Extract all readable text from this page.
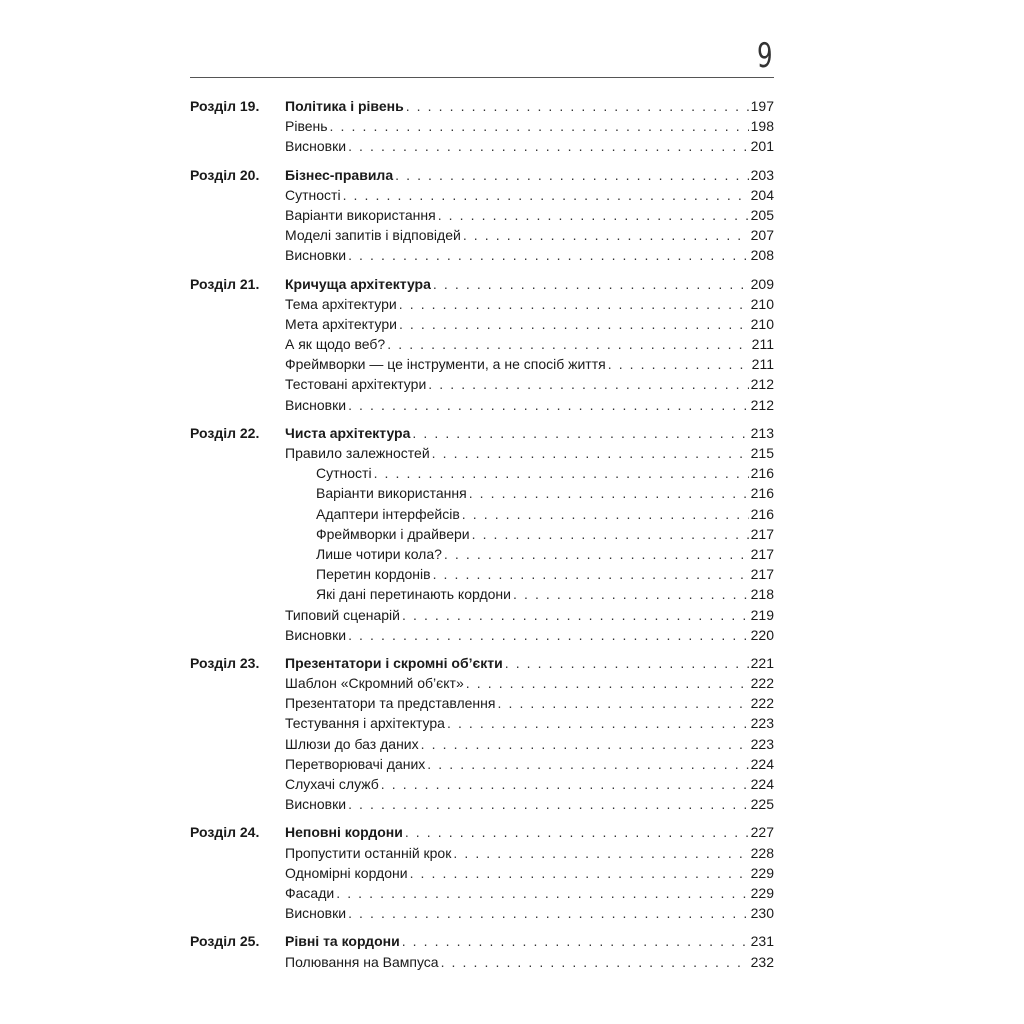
9
Розділ 19. Політика і рівень . . .	197
Рівень . . .	198
Висновки . . .	201
Розділ 20. Бізнес-правила . . .	203
Сутності . . .	204
Варіанти використання . . .	205
Моделі запитів і відповідей . . .	207
Висновки . . .	208
Розділ 21. Кричуща архітектура . . .	209
Тема архітектури . . .	210
Мета архітектури . . .	210
А як щодо веб? . . .	211
Фреймворки — це інструменти, а не спосіб життя . . .	211
Тестовані архітектури . . .	212
Висновки . . .	212
Розділ 22. Чиста архітектура . . .	213
Правило залежностей . . .	215
Сутності . . .	216
Варіанти використання . . .	216
Адаптери інтерфейсів . . .	216
Фреймворки і драйвери . . .	217
Лише чотири кола? . . .	217
Перетин кордонів . . .	217
Які дані перетинають кордони . . .	218
Типовий сценарій . . .	219
Висновки . . .	220
Розділ 23. Презентатори і скромні об’єкти . . .	221
Шаблон «Скромний об’єкт» . . .	222
Презентатори та представлення . . .	222
Тестування і архітектура . . .	223
Шлюзи до баз даних . . .	223
Перетворювачі даних . . .	224
Слухачі служб . . .	224
Висновки . . .	225
Розділ 24. Неповні кордони . . .	227
Пропустити останній крок . . .	228
Одномірні кордони . . .	229
Фасади . . .	229
Висновки . . .	230
Розділ 25. Рівні та кордони . . .	231
Полювання на Вампуса . . .	232
